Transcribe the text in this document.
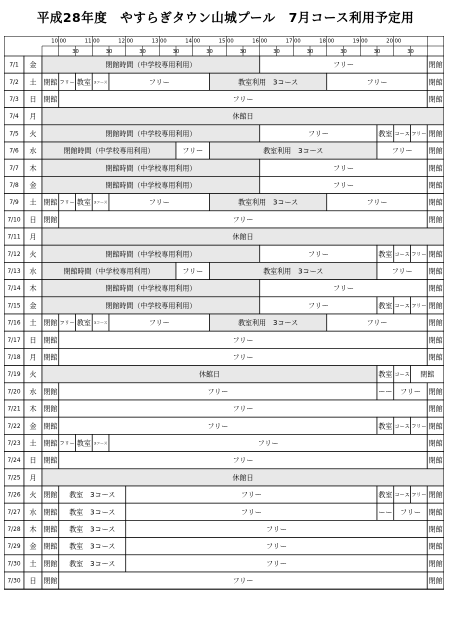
平成28年度　やすらぎタウン山城プール　7月コース利用予定用
10:00	11:00	12:00	13:00	14:00	15:00	16:00	17:00	18:00	19:00	20:00
30	30	30	30	30	30	30	30	30	30	30
7/1 金	閉館時間（中学校専用利用）	フリー	閉館
7/2 土 閉館 フリー 教室 3コース	フリー	教室利用　3コース	フリー	閉館
7/3 日 閉館	フリー	閉館
7/4 月	休館日
7/5 火	閉館時間（中学校専用利用）	フリー	教室 コース フリー 閉館
7/6 水	閉館時間（中学校専用利用）	フリー	教室利用　3コース	フリー 閉館
7/7 木	閉館時間（中学校専用利用）	フリー	閉館
7/8 金	閉館時間（中学校専用利用）	フリー	閉館
7/9 土 閉館 フリー 教室 3コース	フリー	教室利用　3コース	フリー	閉館
7/10 日 閉館	フリー	閉館
7/11 月	休館日
7/12 火	閉館時間（中学校専用利用）	フリー	教室 コース フリー 閉館
7/13 水	閉館時間（中学校専用利用）	フリー	教室利用　3コース	フリー 閉館
7/14 木	閉館時間（中学校専用利用）	フリー	閉館
7/15 金	閉館時間（中学校専用利用）	フリー	教室 コース フリー 閉館
7/16 土 閉館 フリー 教室 3コース	フリー	教室利用　3コース	フリー	閉館
7/17 日 閉館	フリー	閉館
7/18 月 閉館	フリー	閉館
7/19 火	休館日	教室 コース 閉館
7/20 水 閉館	フリー	ーー フリー 閉館
7/21 木 閉館	フリー	閉館
7/22 金 閉館	フリー	教室 コース フリー 閉館
7/23 土 閉館 フリー 教室 3コース	フリー	閉館
7/24 日 閉館	フリー	閉館
7/25 月	休館日
7/26 火 閉館 教室　3コース	フリー	教室 コース フリー 閉館
7/27 水 閉館 教室　3コース	フリー	ーー フリー 閉館
7/28 木 閉館 教室　3コース	フリー	閉館
7/29 金 閉館 教室　3コース	フリー	閉館
7/30 土 閉館 教室　3コース	フリー	閉館
7/30 日 閉館	フリー	閉館
